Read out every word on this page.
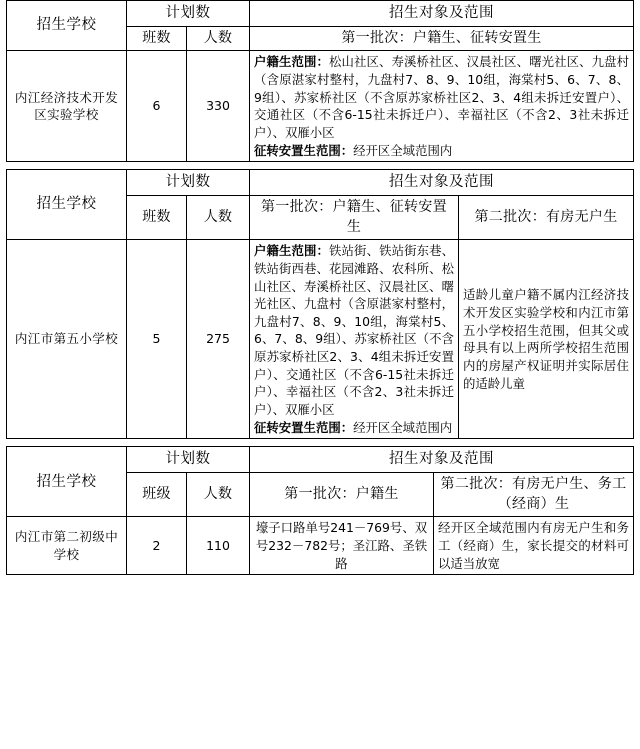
招生学校	计划数		招生对象及范围
	班数	人数	第一批次：户籍生、征转安置生
内江经济技术开发区实验学校	6	330	户籍生范围：松山社区、寿溪桥社区、汉晨社区、曙光社区、九盘村（含原湛家村整村，九盘村7、8、9、10组，海棠村5、6、7、8、9组）、苏家桥社区（不含原苏家桥社区2、3、4组未拆迁安置户）、交通社区（不含6-15社未拆迁户）、幸福社区（不含2、3社未拆迁户）、双雁小区
征转安置生范围：经开区全域范围内
招生学校	计划数		招生对象及范围	
	班数	人数	第一批次：户籍生、征转安置生	第二批次：有房无户生
内江市第五小学校	5	275	户籍生范围：铁站街、铁站街东巷、铁站街西巷、花园滩路、农科所、松山社区、寿溪桥社区、汉晨社区、曙光社区、九盘村（含原湛家村整村，九盘村7、8、9、10组，海棠村5、6、7、8、9组）、苏家桥社区（不含原苏家桥社区2、3、4组未拆迁安置户）、交通社区（不含6-15社未拆迁户）、幸福社区（不含2、3社未拆迁户）、双雁小区
征转安置生范围：经开区全域范围内	适龄儿童户籍不属内江经济技术开发区实验学校和内江市第五小学校招生范围，但其父或母具有以上两所学校招生范围内的房屋产权证明并实际居住的适龄儿童
招生学校	计划数		招生对象及范围	
	班级	人数	第一批次：户籍生	第二批次：有房无户生、务工（经商）生
内江市第二初级中学校	2	110	壕子口路单号241－769号、双号232－782号；圣江路、圣铁路	经开区全域范围内有房无户生和务工（经商）生，家长提交的材料可以适当放宽
